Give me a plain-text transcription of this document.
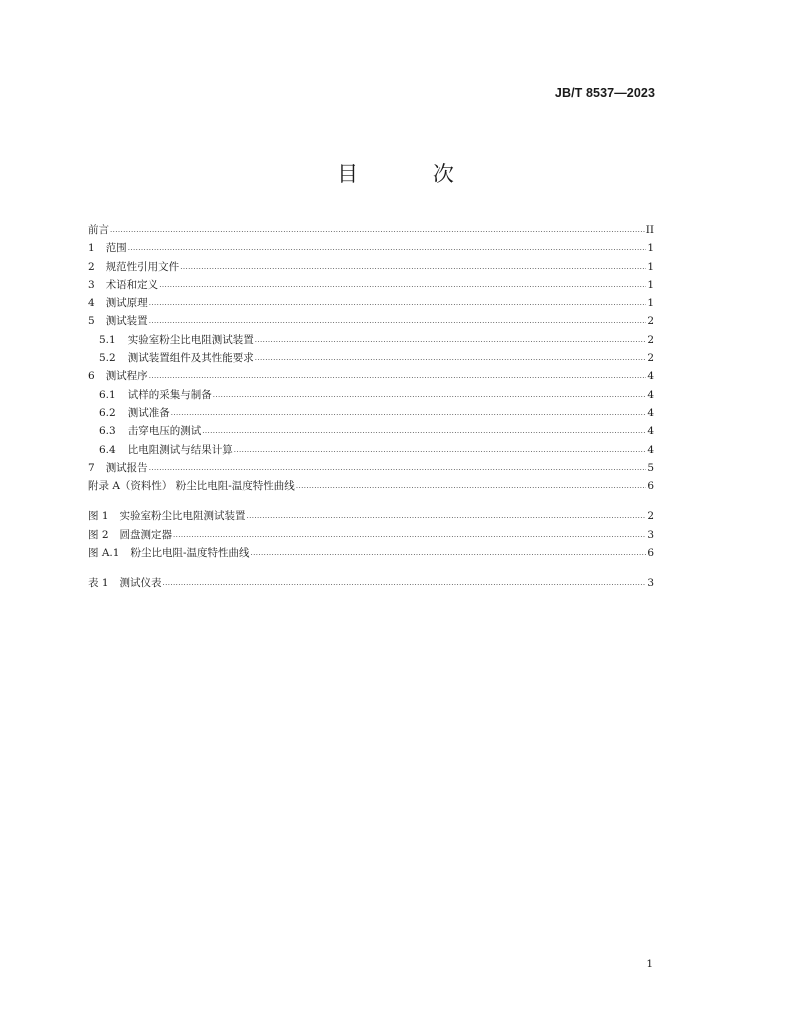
JB/T 8537—2023
目 次
前言 .....	II
1 范围 .....	1
2 规范性引用文件 .....	1
3 术语和定义 .....	1
4 测试原理 .....	1
5 测试装置 .....	2
5.1 实验室粉尘比电阻测试装置 .....	2
5.2 测试装置组件及其性能要求 .....	2
6 测试程序 .....	4
6.1 试样的采集与制备 .....	4
6.2 测试准备 .....	4
6.3 击穿电压的测试 .....	4
6.4 比电阻测试与结果计算 .....	4
7 测试报告 .....	5
附录 A（资料性） 粉尘比电阻-温度特性曲线 .....	6
图 1 实验室粉尘比电阻测试装置 .....	2
图 2 圆盘测定器 .....	3
图 A.1 粉尘比电阻-温度特性曲线 .....	6
表 1 测试仪表 .....	3
1
